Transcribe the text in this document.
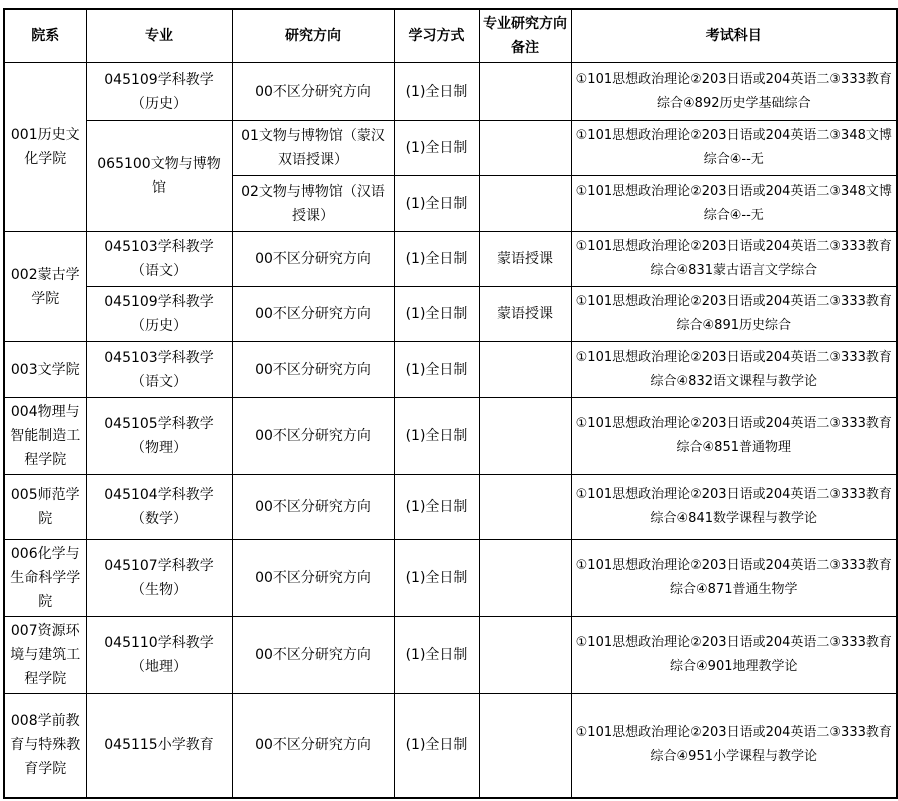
院系	专业	研究方向	学习方式	专业研究方向备注	考试科目
001历史文化学院	045109学科教学（历史）	00不区分研究方向	(1)全日制		①101思想政治理论②203日语或204英语二③333教育综合④892历史学基础综合
	065100文物与博物馆	01文物与博物馆（蒙汉双语授课）	(1)全日制		①101思想政治理论②203日语或204英语二③348文博综合④--无
		02文物与博物馆（汉语授课）	(1)全日制		①101思想政治理论②203日语或204英语二③348文博综合④--无
002蒙古学学院	045103学科教学（语文）	00不区分研究方向	(1)全日制	蒙语授课	①101思想政治理论②203日语或204英语二③333教育综合④831蒙古语言文学综合
	045109学科教学（历史）	00不区分研究方向	(1)全日制	蒙语授课	①101思想政治理论②203日语或204英语二③333教育综合④891历史综合
003文学院	045103学科教学（语文）	00不区分研究方向	(1)全日制		①101思想政治理论②203日语或204英语二③333教育综合④832语文课程与教学论
004物理与智能制造工程学院	045105学科教学（物理）	00不区分研究方向	(1)全日制		①101思想政治理论②203日语或204英语二③333教育综合④851普通物理
005师范学院	045104学科教学（数学）	00不区分研究方向	(1)全日制		①101思想政治理论②203日语或204英语二③333教育综合④841数学课程与教学论
006化学与生命科学学院	045107学科教学（生物）	00不区分研究方向	(1)全日制		①101思想政治理论②203日语或204英语二③333教育综合④871普通生物学
007资源环境与建筑工程学院	045110学科教学（地理）	00不区分研究方向	(1)全日制		①101思想政治理论②203日语或204英语二③333教育综合④901地理教学论
008学前教育与特殊教育学院	045115小学教育	00不区分研究方向	(1)全日制		①101思想政治理论②203日语或204英语二③333教育综合④951小学课程与教学论
